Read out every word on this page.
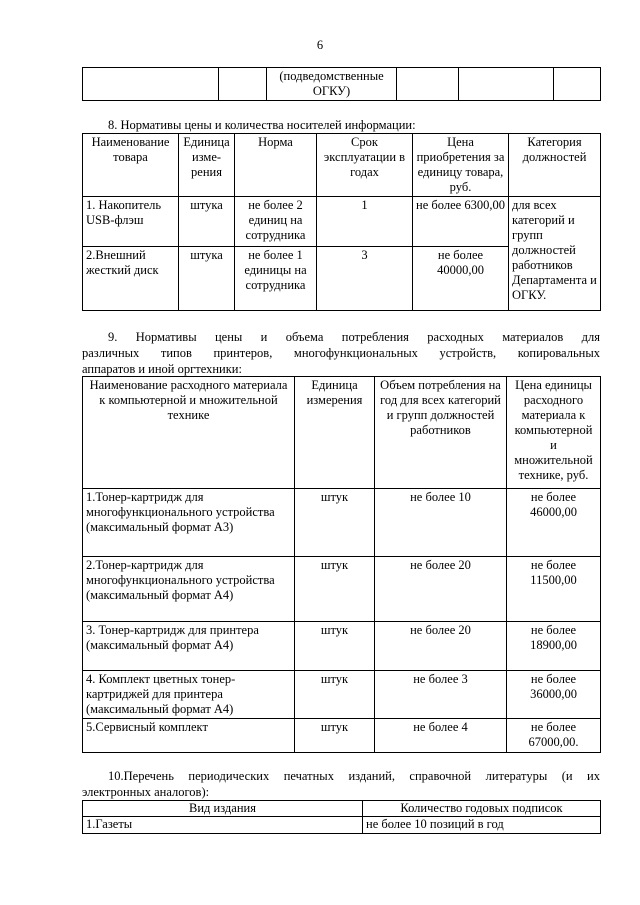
6
		(подведомственные ОГКУ)			
8. Нормативы цены и количества носителей информации:
Наименование товара	Единица изме-рения	Норма	Срок эксплуатации в годах	Цена приобретения за единицу товара, руб.	Категория должностей
1. Накопитель USB-флэш	штука	не более 2 единиц на сотрудника	1	не более 6300,00	для всех категорий и групп должностей работников Департамента и ОГКУ.
2.Внешний жесткий диск	штука	не более 1 единицы на сотрудника	3	не более 40000,00	
9. Нормативы цены и объема потребления расходных материалов для
различных типов принтеров, многофункциональных устройств, копировальных
аппаратов и иной оргтехники:
Наименование расходного материала к компьютерной и множительной технике	Единица измерения	Объем потребления на год для всех категорий и групп должностей работников	Цена единицы расходного материала к компьютерной и множительной технике, руб.
1.Тонер-картридж для многофункционального устройства (максимальный формат А3)	штук	не более 10	не более 46000,00
2.Тонер-картридж для многофункционального устройства (максимальный формат А4)	штук	не более 20	не более 11500,00
3. Тонер-картридж для принтера (максимальный формат А4)	штук	не более 20	не более 18900,00
4. Комплект цветных тонер-картриджей для принтера (максимальный формат А4)	штук	не более 3	не более 36000,00
5.Сервисный комплект	штук	не более 4	не более 67000,00.
10.Перечень периодических печатных изданий, справочной литературы (и их
электронных аналогов):
Вид издания	Количество годовых подписок
1.Газеты	не более 10 позиций в год
